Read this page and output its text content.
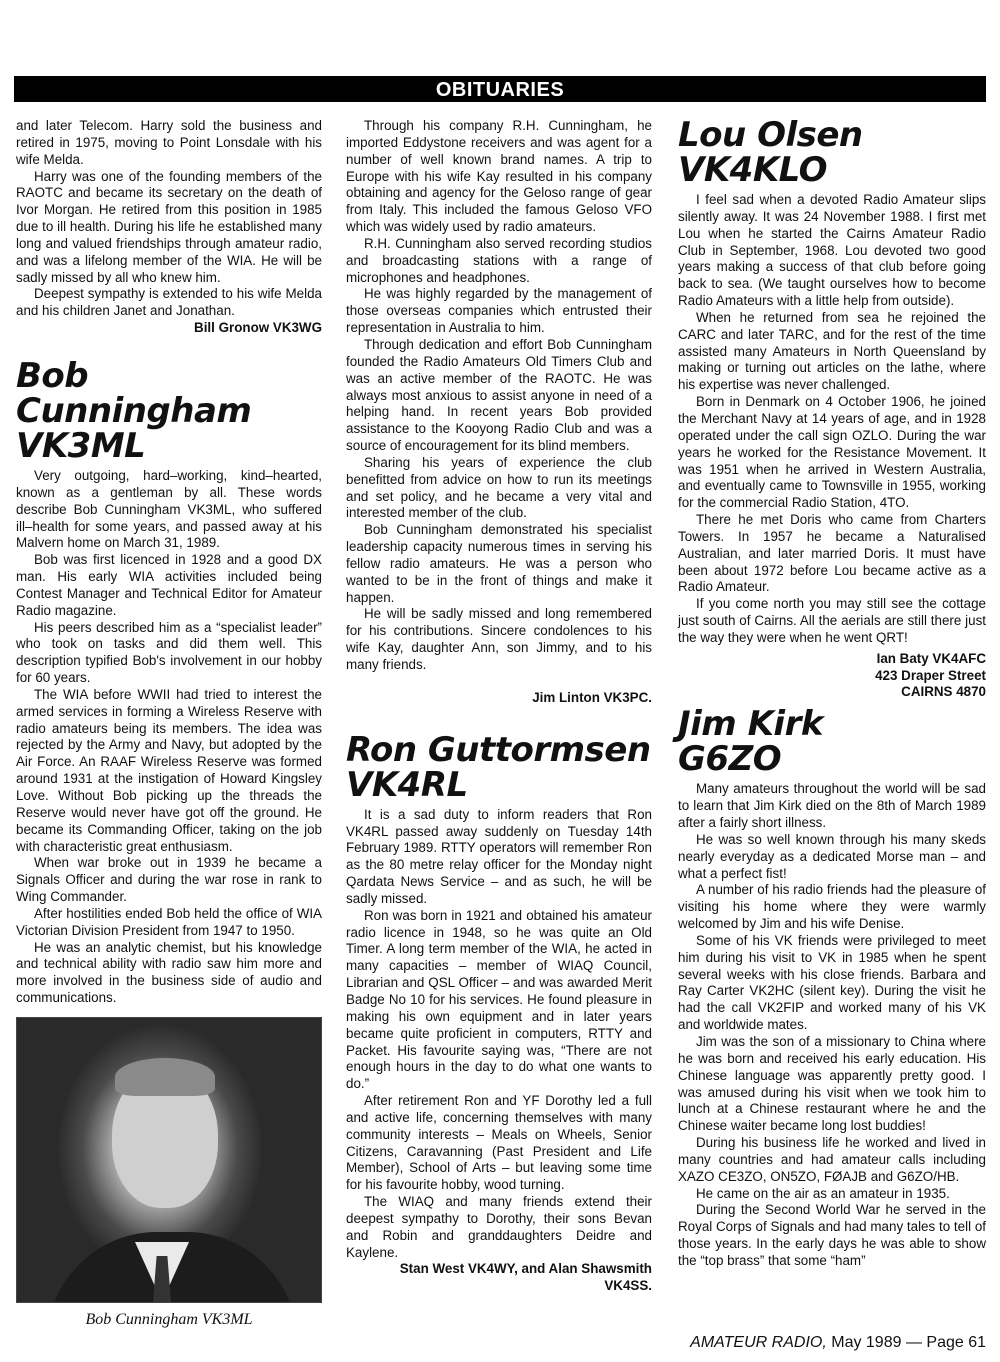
OBITUARIES

and later Telecom. Harry sold the business and retired in 1975, moving to Point Lonsdale with his wife Melda.

Harry was one of the founding members of the RAOTC and became its secretary on the death of Ivor Morgan. He retired from this position in 1985 due to ill health. During his life he established many long and valued friendships through amateur radio, and was a lifelong member of the WIA. He will be sadly missed by all who knew him.

Deepest sympathy is extended to his wife Melda and his children Janet and Jonathan.

Bill Gronow VK3WG
Bob Cunningham
VK3ML

Very outgoing, hard–working, kind–hearted, known as a gentleman by all. These words describe Bob Cunningham VK3ML, who suffered ill–health for some years, and passed away at his Malvern home on March 31, 1989.

Bob was first licenced in 1928 and a good DX man. His early WIA activities included being Contest Manager and Technical Editor for Amateur Radio magazine.

His peers described him as a “specialist leader” who took on tasks and did them well. This description typified Bob's involvement in our hobby for 60 years.

The WIA before WWII had tried to interest the armed services in forming a Wireless Reserve with radio amateurs being its members. The idea was rejected by the Army and Navy, but adopted by the Air Force. An RAAF Wireless Reserve was formed around 1931 at the instigation of Howard Kingsley Love. Without Bob picking up the threads the Reserve would never have got off the ground. He became its Commanding Officer, taking on the job with characteristic great enthusiasm.

When war broke out in 1939 he became a Signals Officer and during the war rose in rank to Wing Commander.

After hostilities ended Bob held the office of WIA Victorian Division President from 1947 to 1950.

He was an analytic chemist, but his knowledge and technical ability with radio saw him more and more involved in the business side of audio and communications.

Bob Cunningham VK3ML

Through his company R.H. Cunningham, he imported Eddystone receivers and was agent for a number of well known brand names. A trip to Europe with his wife Kay resulted in his company obtaining and agency for the Geloso range of gear from Italy. This included the famous Geloso VFO which was widely used by radio amateurs.

R.H. Cunningham also served recording studios and broadcasting stations with a range of microphones and headphones.

He was highly regarded by the management of those overseas companies which entrusted their representation in Australia to him.

Through dedication and effort Bob Cunningham founded the Radio Amateurs Old Timers Club and was an active member of the RAOTC. He was always most anxious to assist anyone in need of a helping hand. In recent years Bob provided assistance to the Kooyong Radio Club and was a source of encouragement for its blind members.

Sharing his years of experience the club benefitted from advice on how to run its meetings and set policy, and he became a very vital and interested member of the club.

Bob Cunningham demonstrated his specialist leadership capacity numerous times in serving his fellow radio amateurs. He was a person who wanted to be in the front of things and make it happen.

He will be sadly missed and long remembered for his contributions. Sincere condolences to his wife Kay, daughter Ann, son Jimmy, and to his many friends.

Jim Linton VK3PC.
Ron Guttormsen
VK4RL

It is a sad duty to inform readers that Ron VK4RL passed away suddenly on Tuesday 14th February 1989. RTTY operators will remember Ron as the 80 metre relay officer for the Monday night Qardata News Service – and as such, he will be sadly missed.

Ron was born in 1921 and obtained his amateur radio licence in 1948, so he was quite an Old Timer. A long term member of the WIA, he acted in many capacities – member of WIAQ Council, Librarian and QSL Officer – and was awarded Merit Badge No 10 for his services. He found pleasure in making his own equipment and in later years became quite proficient in computers, RTTY and Packet. His favourite saying was, “There are not enough hours in the day to do what one wants to do.”

After retirement Ron and YF Dorothy led a full and active life, concerning themselves with many community interests – Meals on Wheels, Senior Citizens, Caravanning (Past President and Life Member), School of Arts – but leaving some time for his favourite hobby, wood turning.

The WIAQ and many friends extend their deepest sympathy to Dorothy, their sons Bevan and Robin and granddaughters Deidre and Kaylene.

Stan West VK4WY, and Alan Shawsmith
VK4SS.
Lou Olsen
VK4KLO

I feel sad when a devoted Radio Amateur slips silently away. It was 24 November 1988. I first met Lou when he started the Cairns Amateur Radio Club in September, 1968. Lou devoted two good years making a success of that club before going back to sea. (We taught ourselves how to become Radio Amateurs with a little help from outside).

When he returned from sea he rejoined the CARC and later TARC, and for the rest of the time assisted many Amateurs in North Queensland by making or turning out articles on the lathe, where his expertise was never challenged.

Born in Denmark on 4 October 1906, he joined the Merchant Navy at 14 years of age, and in 1928 operated under the call sign OZLO. During the war years he worked for the Resistance Movement. It was 1951 when he arrived in Western Australia, and eventually came to Townsville in 1955, working for the commercial Radio Station, 4TO.

There he met Doris who came from Charters Towers. In 1957 he became a Naturalised Australian, and later married Doris. It must have been about 1972 before Lou became active as a Radio Amateur.

If you come north you may still see the cottage just south of Cairns. All the aerials are still there just the way they were when he went QRT!

Ian Baty VK4AFC
423 Draper Street
CAIRNS 4870
Jim Kirk
G6ZO

Many amateurs throughout the world will be sad to learn that Jim Kirk died on the 8th of March 1989 after a fairly short illness.

He was so well known through his many skeds nearly everyday as a dedicated Morse man – and what a perfect fist!

A number of his radio friends had the pleasure of visiting his home where they were warmly welcomed by Jim and his wife Denise.

Some of his VK friends were privileged to meet him during his visit to VK in 1985 when he spent several weeks with his close friends. Barbara and Ray Carter VK2HC (silent key). During the visit he had the call VK2FIP and worked many of his VK and worldwide mates.

Jim was the son of a missionary to China where he was born and received his early education. His Chinese language was apparently pretty good. I was amused during his visit when we took him to lunch at a Chinese restaurant where he and the Chinese waiter became long lost buddies!

During his business life he worked and lived in many countries and had amateur calls including XAZO CE3ZO, ON5ZO, FØAJB and G6ZO/HB.

He came on the air as an amateur in 1935.

During the Second World War he served in the Royal Corps of Signals and had many tales to tell of those years. In the early days he was able to show the “top brass” that some “ham”

AMATEUR RADIO, May 1989 — Page 61
